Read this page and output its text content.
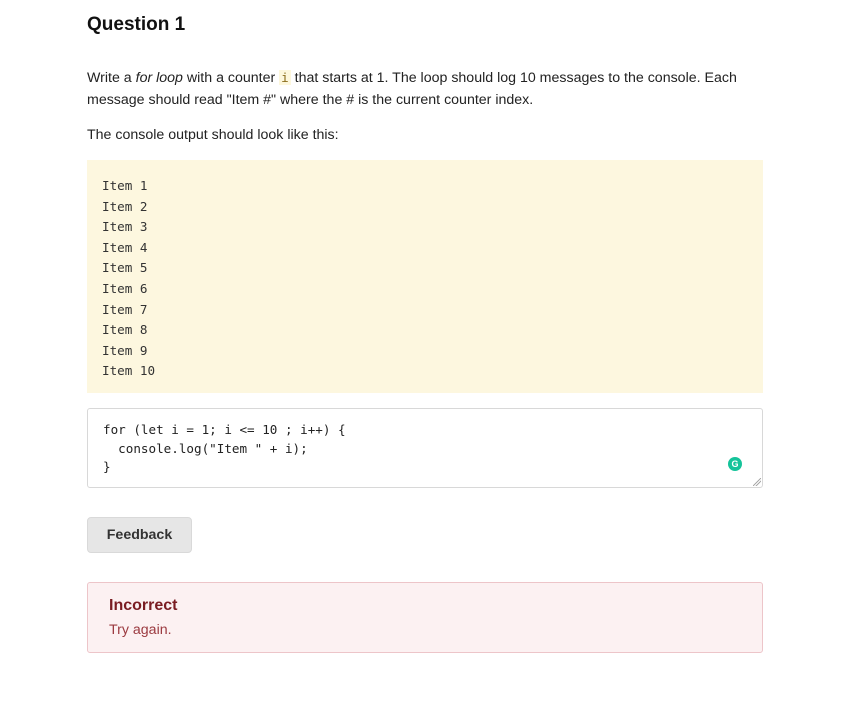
Question 1

Write a for loop with a counter i that starts at 1. The loop should log 10 messages to the console. Each message should read "Item #" where the # is the current counter index.

The console output should look like this:

Item 1
Item 2
Item 3
Item 4
Item 5
Item 6
Item 7
Item 8
Item 9
Item 10
for (let i = 1; i <= 10 ; i++) {
console.log("Item " + i);
}	G
Feedback

Incorrect

Try again.
